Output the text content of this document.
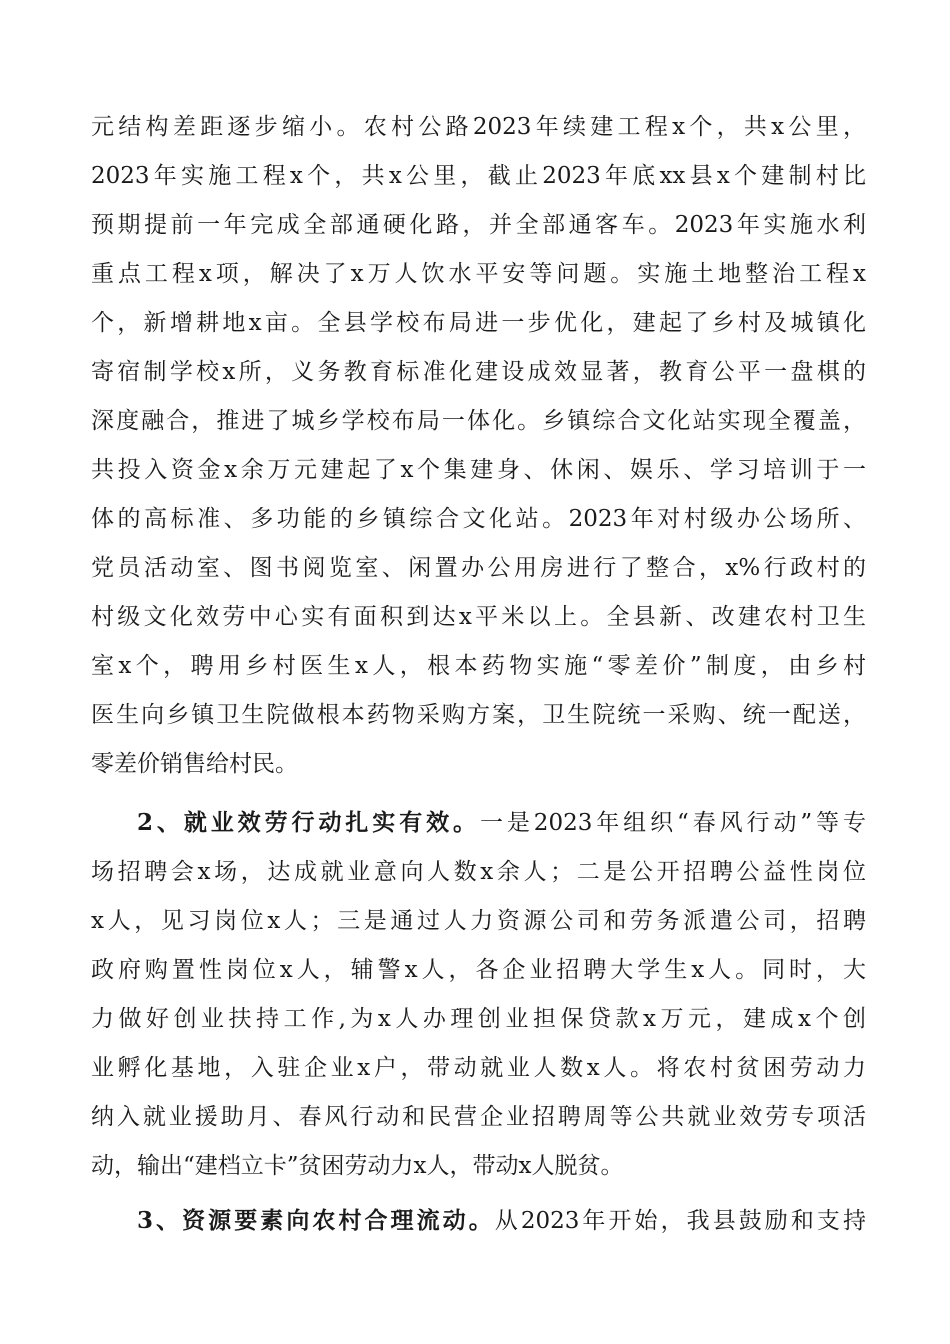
元结构差距逐步缩小。农村公路2023年续建工程x个，共x公里，

2023年实施工程x个，共x公里，截止2023年底xx县x个建制村比

预期提前一年完成全部通硬化路，并全部通客车。2023年实施水利

重点工程x项，解决了x万人饮水平安等问题。实施土地整治工程x

个，新增耕地x亩。全县学校布局进一步优化，建起了乡村及城镇化

寄宿制学校x所，义务教育标准化建设成效显著，教育公平一盘棋的

深度融合，推进了城乡学校布局一体化。乡镇综合文化站实现全覆盖，

共投入资金x余万元建起了x个集建身、休闲、娱乐、学习培训于一

体的高标准、多功能的乡镇综合文化站。2023年对村级办公场所、

党员活动室、图书阅览室、闲置办公用房进行了整合，x%行政村的

村级文化效劳中心实有面积到达x平米以上。全县新、改建农村卫生

室x个，聘用乡村医生x人，根本药物实施“零差价”制度，由乡村

医生向乡镇卫生院做根本药物采购方案，卫生院统一采购、统一配送，

零差价销售给村民。

2、就业效劳行动扎实有效。一是2023年组织“春风行动”等专

场招聘会x场，达成就业意向人数x余人；二是公开招聘公益性岗位

x人，见习岗位x人；三是通过人力资源公司和劳务派遣公司，招聘

政府购置性岗位x人，辅警x人，各企业招聘大学生x人。同时，大

力做好创业扶持工作,为x人办理创业担保贷款x万元，建成x个创

业孵化基地，入驻企业x户，带动就业人数x人。将农村贫困劳动力

纳入就业援助月、春风行动和民营企业招聘周等公共就业效劳专项活

动，输出“建档立卡”贫困劳动力x人，带动x人脱贫。

3、资源要素向农村合理流动。从2023年开始，我县鼓励和支持
